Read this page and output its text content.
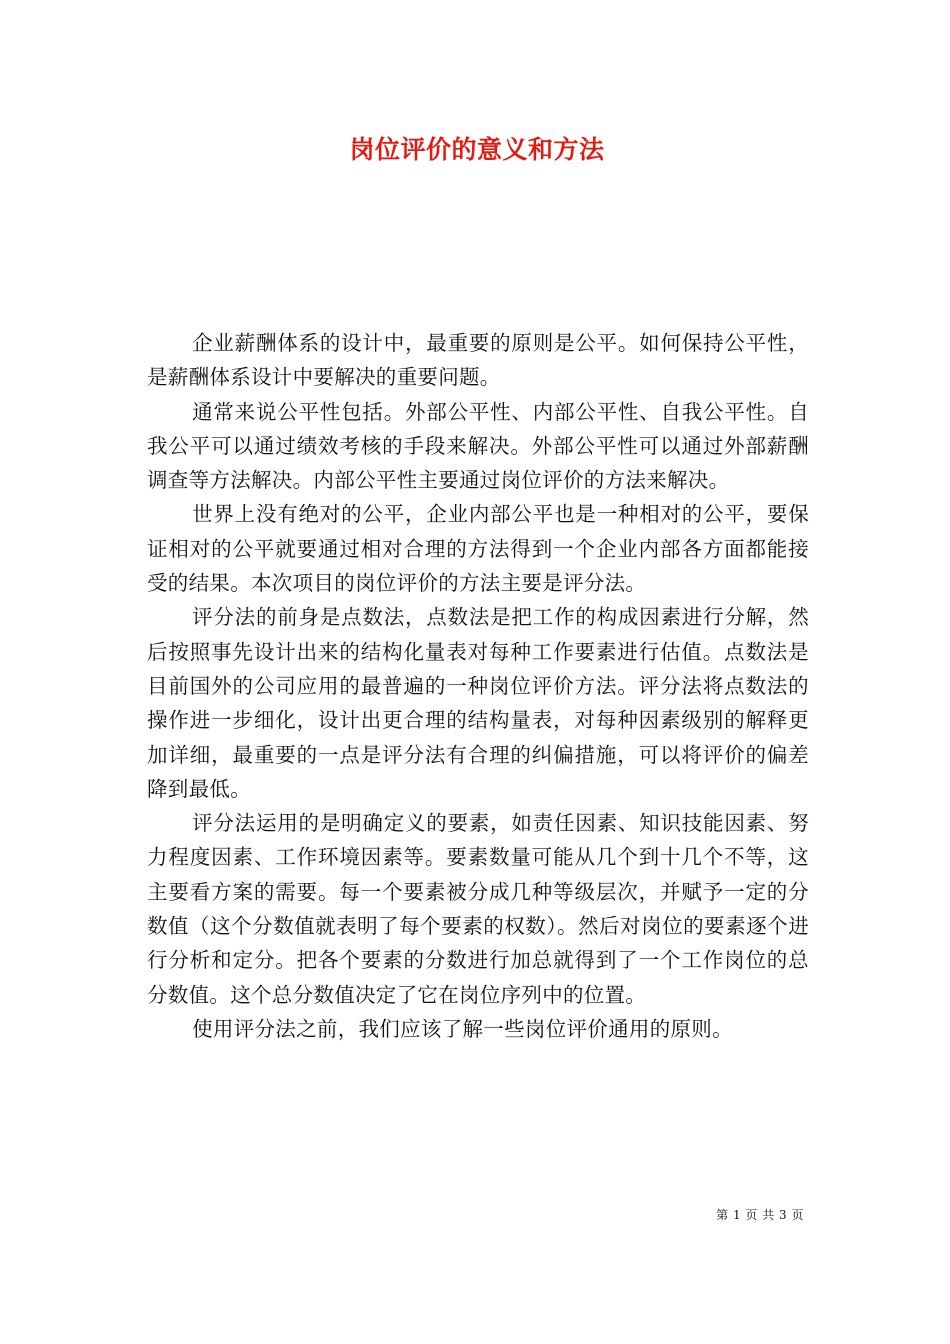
岗位评价的意义和方法

企业薪酬体系的设计中，最重要的原则是公平。如何保持公平性，是薪酬体系设计中要解决的重要问题。

通常来说公平性包括。外部公平性、内部公平性、自我公平性。自我公平可以通过绩效考核的手段来解决。外部公平性可以通过外部薪酬调查等方法解决。内部公平性主要通过岗位评价的方法来解决。

世界上没有绝对的公平，企业内部公平也是一种相对的公平，要保证相对的公平就要通过相对合理的方法得到一个企业内部各方面都能接受的结果。本次项目的岗位评价的方法主要是评分法。

评分法的前身是点数法，点数法是把工作的构成因素进行分解，然后按照事先设计出来的结构化量表对每种工作要素进行估值。点数法是目前国外的公司应用的最普遍的一种岗位评价方法。评分法将点数法的操作进一步细化，设计出更合理的结构量表，对每种因素级别的解释更加详细，最重要的一点是评分法有合理的纠偏措施，可以将评价的偏差降到最低。

评分法运用的是明确定义的要素，如责任因素、知识技能因素、努力程度因素、工作环境因素等。要素数量可能从几个到十几个不等，这主要看方案的需要。每一个要素被分成几种等级层次，并赋予一定的分数值（这个分数值就表明了每个要素的权数）。然后对岗位的要素逐个进行分析和定分。把各个要素的分数进行加总就得到了一个工作岗位的总分数值。这个总分数值决定了它在岗位序列中的位置。

使用评分法之前，我们应该了解一些岗位评价通用的原则。

第 1 页 共 3 页
